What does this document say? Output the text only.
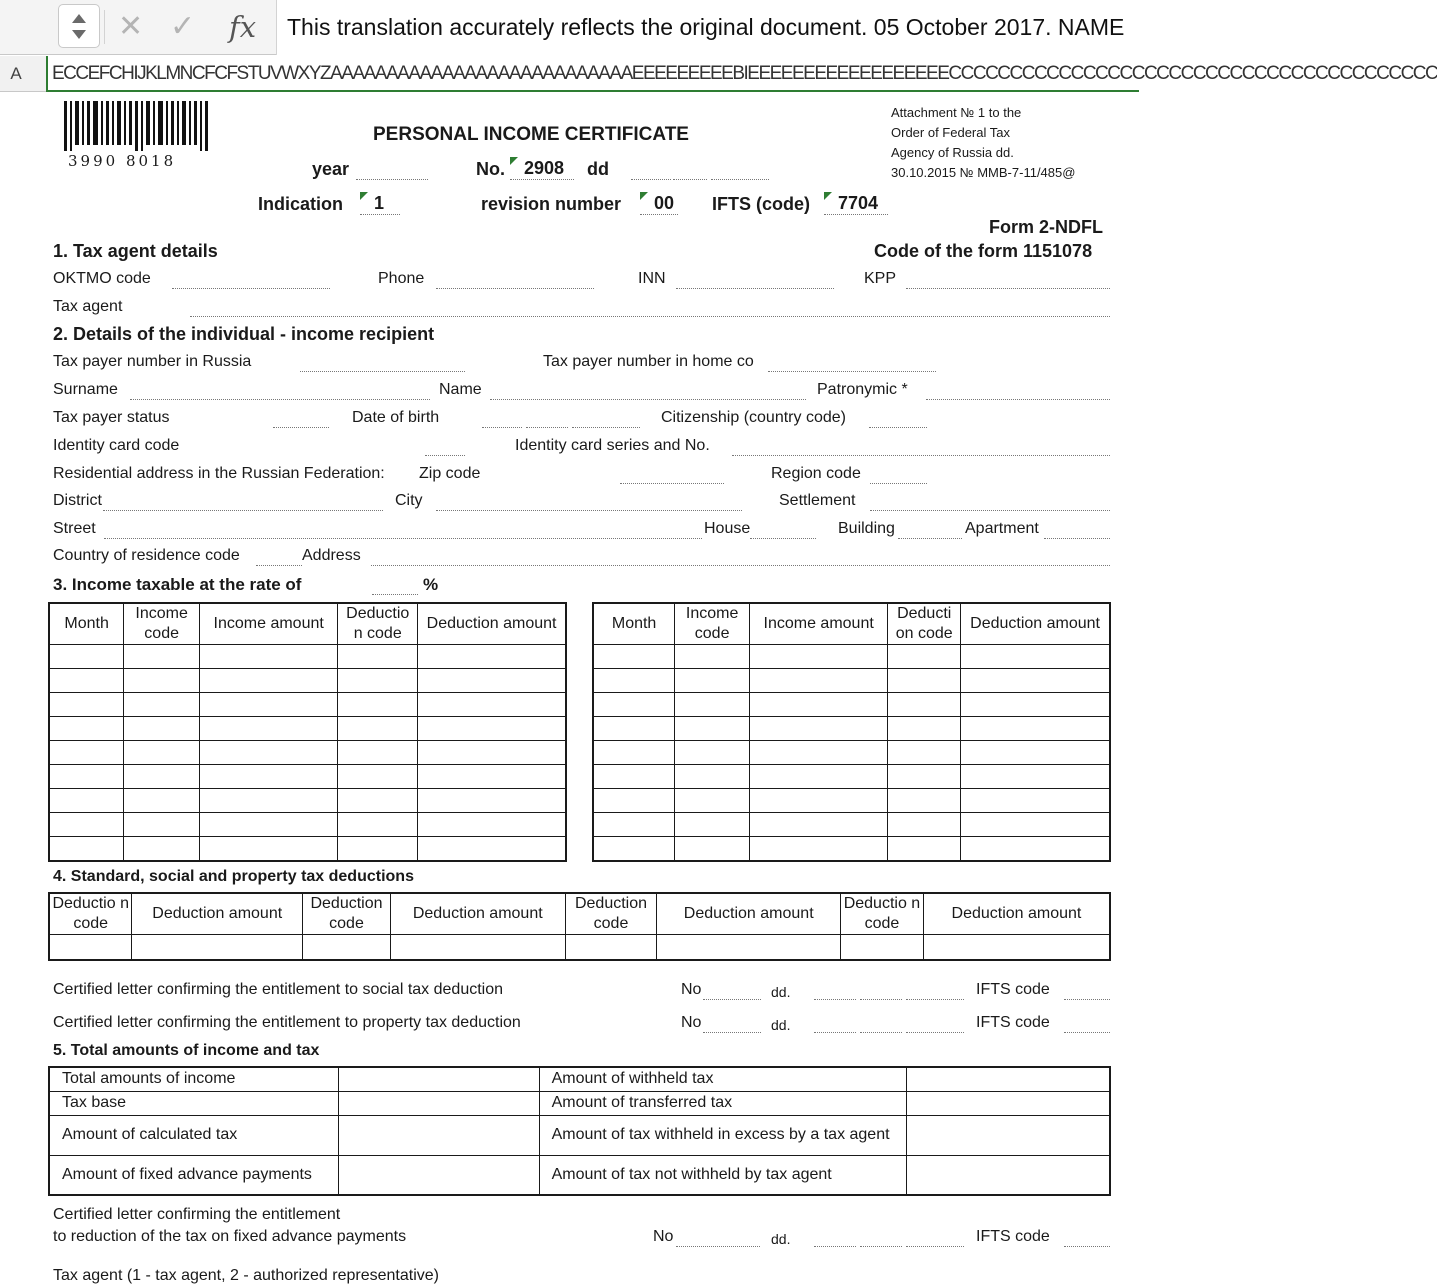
✕ ✓ fx	This translation accurately reflects the original document. 05 October 2017. NAME
A	ECCEFCHIJKLMNCFCFSTUVWXYZAAAAAAAAAAAAAAAAAAAAAAAAAAAEEEEEEEEEBIEEEEEEEEEEEEEEEEEECCCCCCCCCCCCCCCCCCCCCCCCCCCCCCCCCCCCCCCC
3990 8018
PERSONAL INCOME CERTIFICATE
Attachment № 1 to the
Order of Federal Tax
Agency of Russia dd.
30.10.2015 № MMB-7-11/485@
year	No.	2908	dd
Indication	1	revision number	00 IFTS (code)	7704
Form 2-NDFL
Code of the form 1151078
1. Tax agent details
OKTMO code	Phone	INN	KPP
Tax agent
2. Details of the individual - income recipient
Tax payer number in Russia	Tax payer number in home co
Surname	Name	Patronymic *
Tax payer status	Date of birth	Citizenship (country code)
Identity card code	Identity card series and No.
Residential address in the Russian Federation: Zip code	Region code
District	City	Settlement
Street	House	Building	Apartment
Country of residence code	Address
3. Income taxable at the rate of	%
Month	Income code	Income amount	Deductio n code	Deduction amount

					Month	Income code	Income amount	Deducti on code	Deduction amount

4. Standard, social and property tax deductions
Deductio n code	Deduction amount	Deduction code	Deduction amount	Deduction code	Deduction amount	Deductio n code	Deduction amount

Certified letter confirming the entitlement to social tax deduction	No	dd.	IFTS code
Certified letter confirming the entitlement to property tax deduction	No	dd.	IFTS code
5. Total amounts of income and tax
Total amounts of income		Amount of withheld tax	
Tax base		Amount of transferred tax	
Amount of calculated tax		Amount of tax withheld in excess by a tax agent	
Amount of fixed advance payments		Amount of tax not withheld by tax agent	
Certified letter confirming the entitlement
to reduction of the tax on fixed advance payments	No	dd.	IFTS code
Tax agent (1 - tax agent, 2 - authorized representative)
